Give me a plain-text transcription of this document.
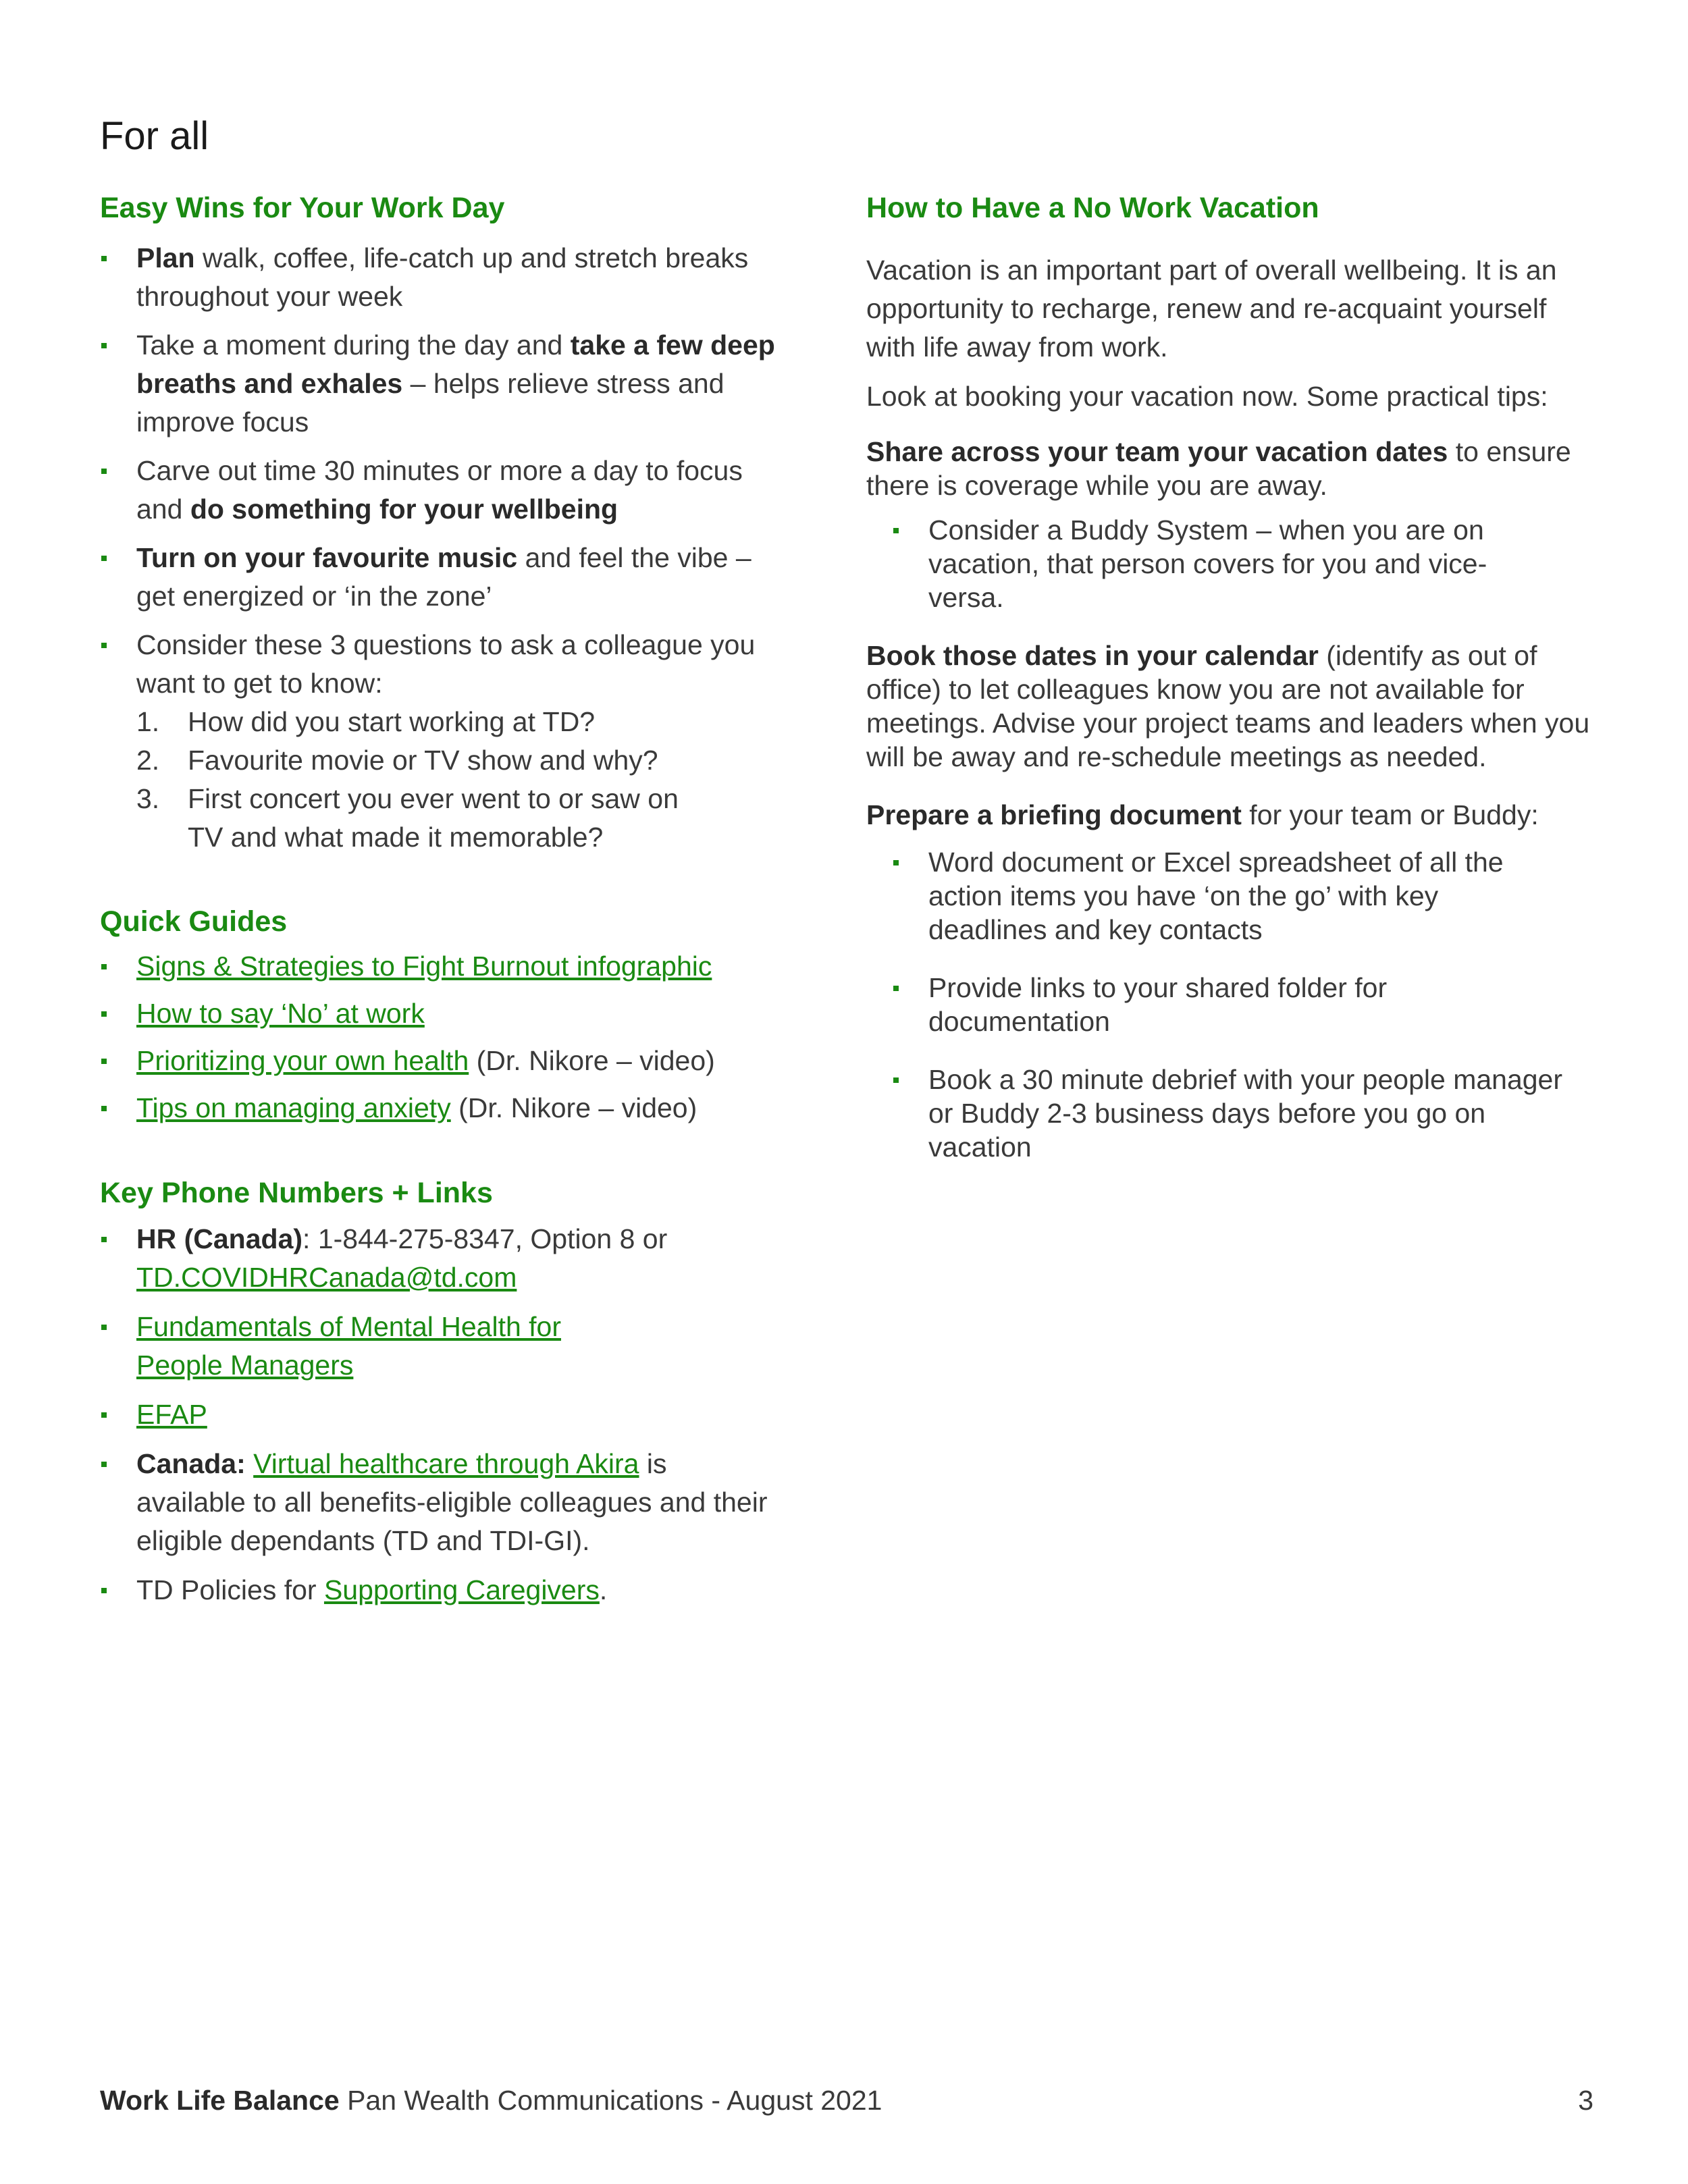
For all
Easy Wins for Your Work Day
Plan walk, coffee, life-catch up and stretch breaks throughout your week
Take a moment during the day and take a few deep breaths and exhales – helps relieve stress and improve focus
Carve out time 30 minutes or more a day to focus and do something for your wellbeing
Turn on your favourite music and feel the vibe – get energized or ‘in the zone’
Consider these 3 questions to ask a colleague you want to get to know:
1.	How did you start working at TD?
2.	Favourite movie or TV show and why?
3.	First concert you ever went to or saw on TV and what made it memorable?
Quick Guides
Signs & Strategies to Fight Burnout infographic
How to say ‘No’ at work
Prioritizing your own health (Dr. Nikore – video)
Tips on managing anxiety (Dr. Nikore – video)
Key Phone Numbers + Links
HR (Canada): 1-844-275-8347, Option 8 or
TD.COVIDHRCanada@td.com
Fundamentals of Mental Health for People Managers
EFAP
Canada: Virtual healthcare through Akira is available to all benefits-eligible colleagues and their eligible dependants (TD and TDI-GI).
TD Policies for Supporting Caregivers.
How to Have a No Work Vacation

Vacation is an important part of overall wellbeing. It is an opportunity to recharge, renew and re-acquaint yourself with life away from work.

Look at booking your vacation now. Some practical tips:

Share across your team your vacation dates to ensure there is coverage while you are away.

Consider a Buddy System – when you are on vacation, that person covers for you and vice-versa.

Book those dates in your calendar (identify as out of office) to let colleagues know you are not available for meetings. Advise your project teams and leaders when you will be away and re-schedule meetings as needed.

Prepare a briefing document for your team or Buddy:

Word document or Excel spreadsheet of all the action items you have ‘on the go’ with key deadlines and key contacts
Provide links to your shared folder for documentation
Book a 30 minute debrief with your people manager or Buddy 2-3 business days before you go on vacation
Work Life Balance Pan Wealth Communications - August 2021	3
